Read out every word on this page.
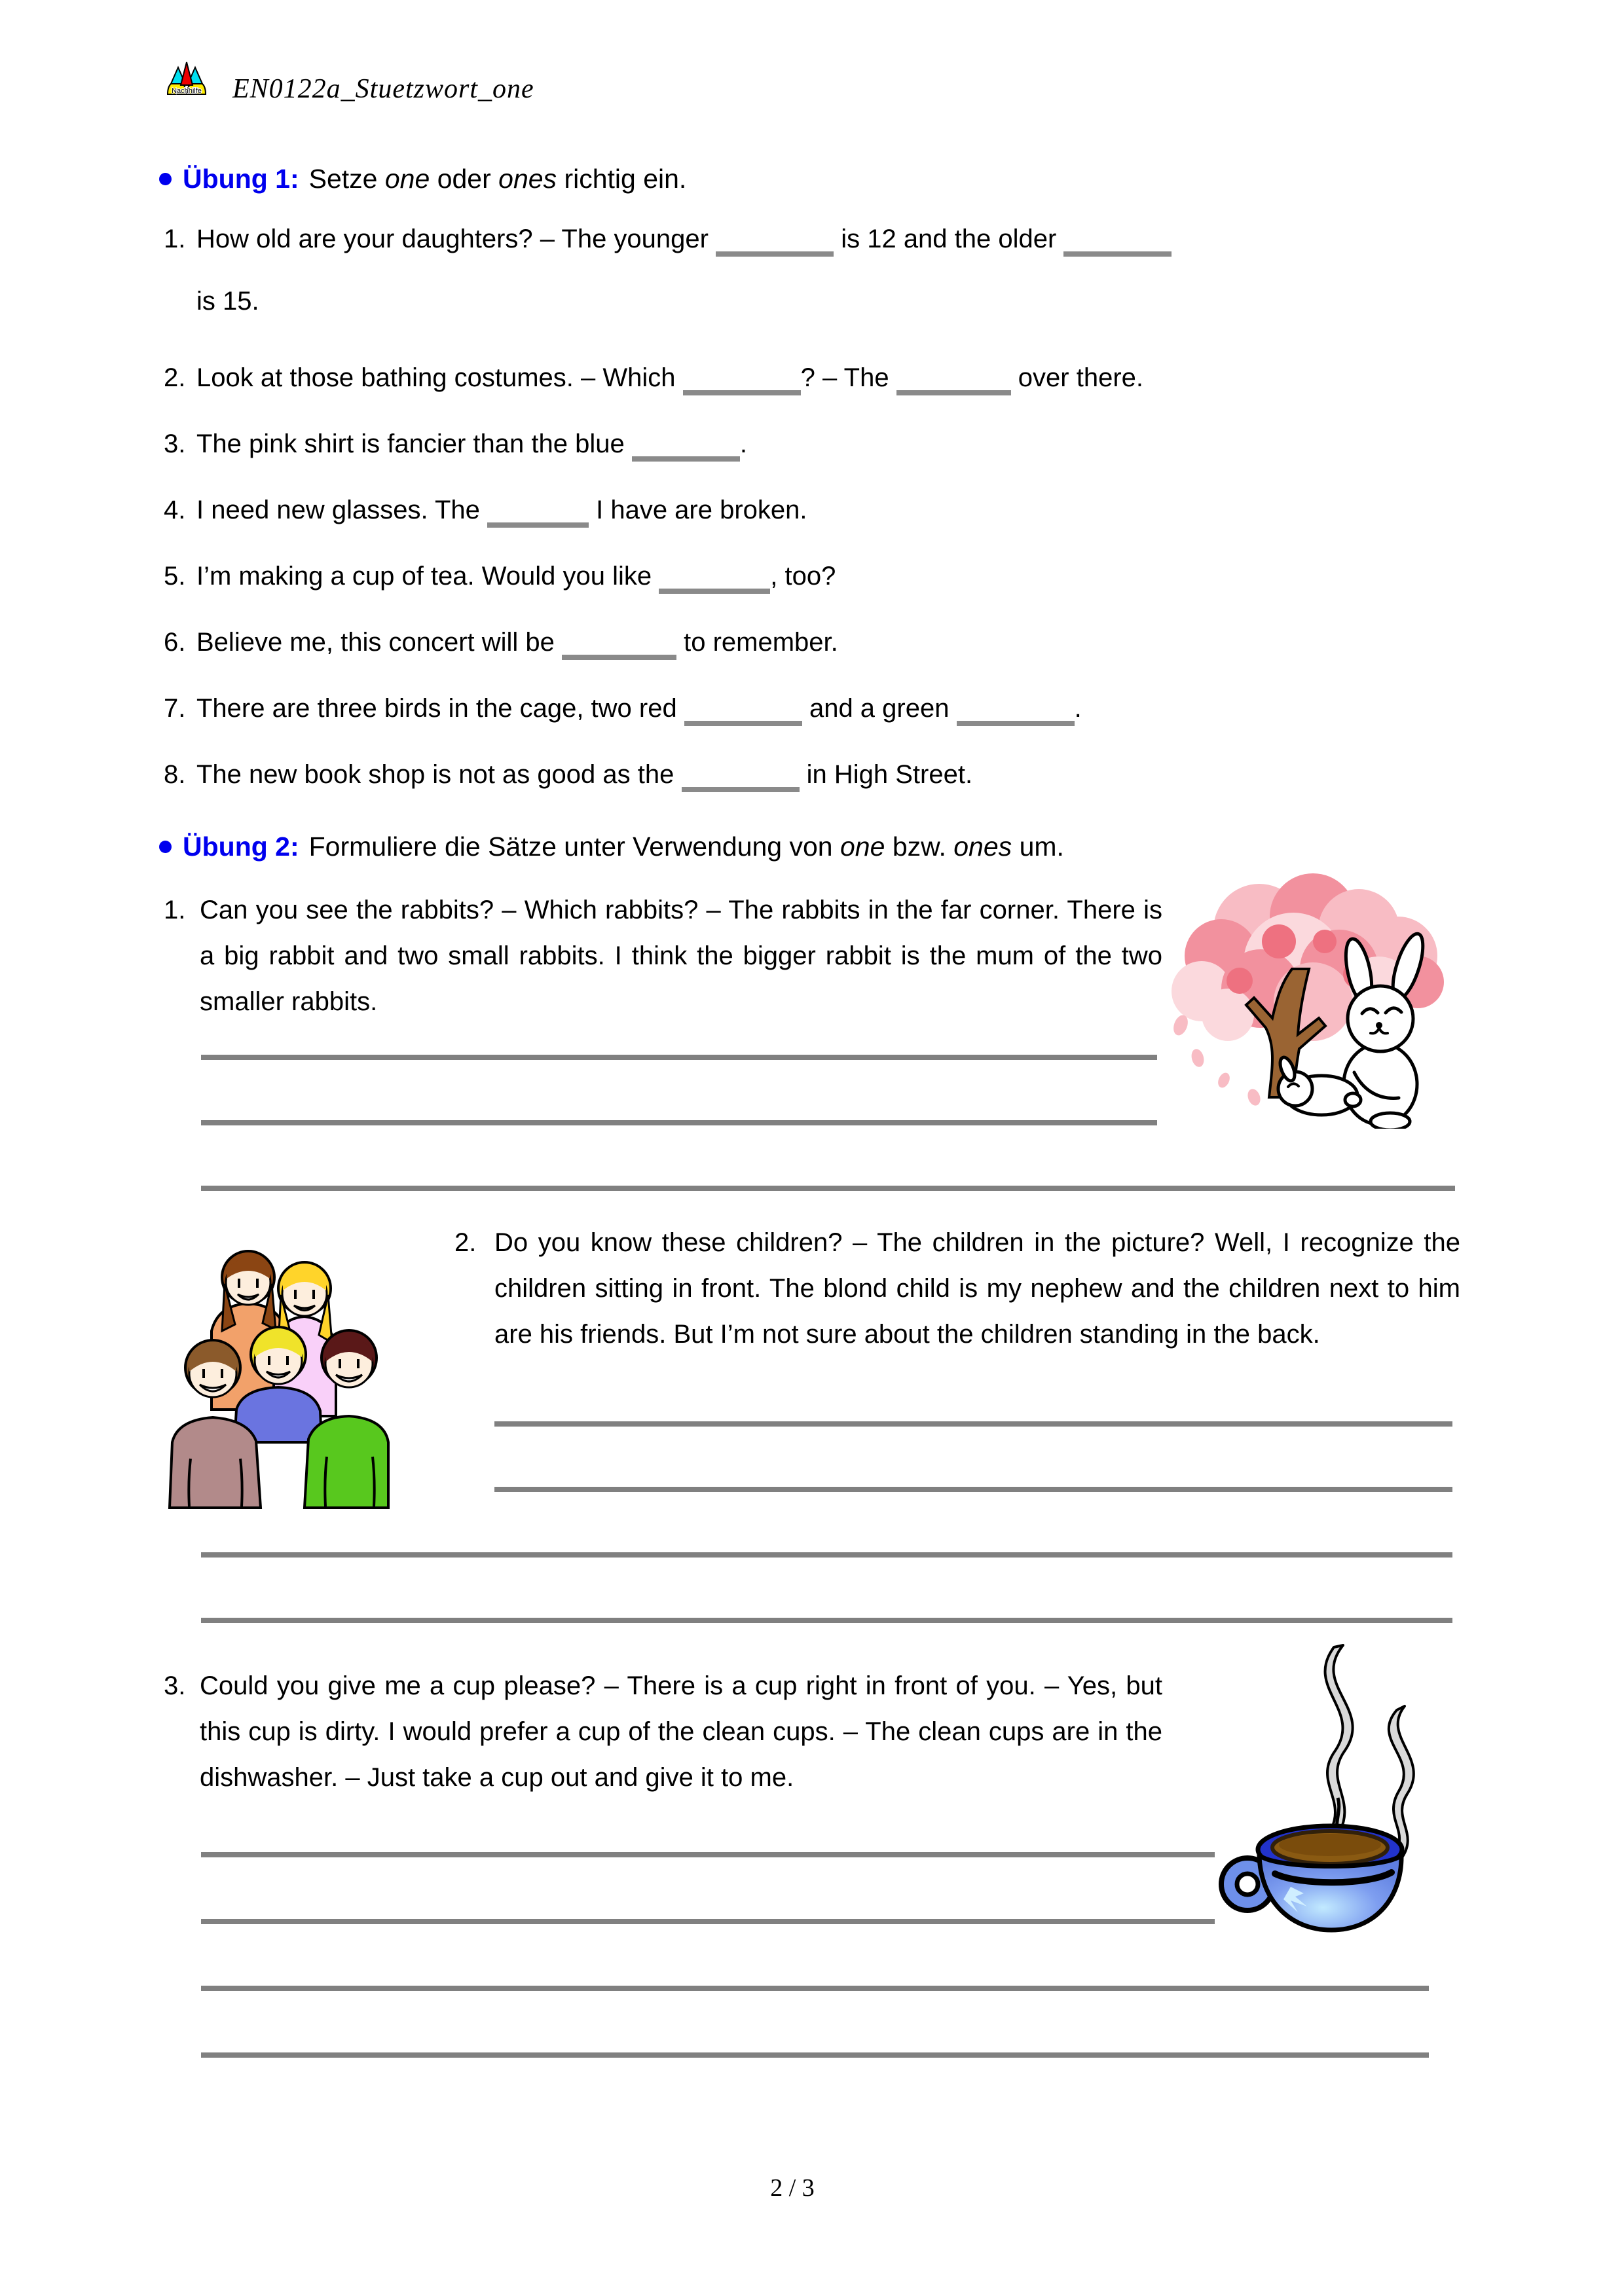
Nachhilfe EN0122a_Stuetzwort_one
Übung 1: Setze one oder ones richtig ein.
1. How old are your daughters? – The younger	is 12 and the older
is 15.
2. Look at those bathing costumes. – Which	? – The	over there.
3. The pink shirt is fancier than the blue	.
4. I need new glasses. The	I have are broken.
5. I’m making a cup of tea. Would you like	, too?
6. Believe me, this concert will be	to remember.
7. There are three birds in the cage, two red	and a green	.
8. The new book shop is not as good as the	in High Street.
Übung 2: Formuliere die Sätze unter Verwendung von one bzw. ones um.
1. Can you see the rabbits? – Which rabbits? – The rabbits in the far corner. There is a big rabbit and two small rabbits. I think the bigger rabbit is the mum of the two smaller rabbits.
2. Do you know these children? – The children in the picture? Well, I recognize the children sitting in front. The blond child is my nephew and the children next to him are his friends. But I’m not sure about the children standing in the back.
3. Could you give me a cup please? – There is a cup right in front of you. – Yes, but this cup is dirty. I would prefer a cup of the clean cups. – The clean cups are in the dishwasher. – Just take a cup out and give it to me.
2 / 3
